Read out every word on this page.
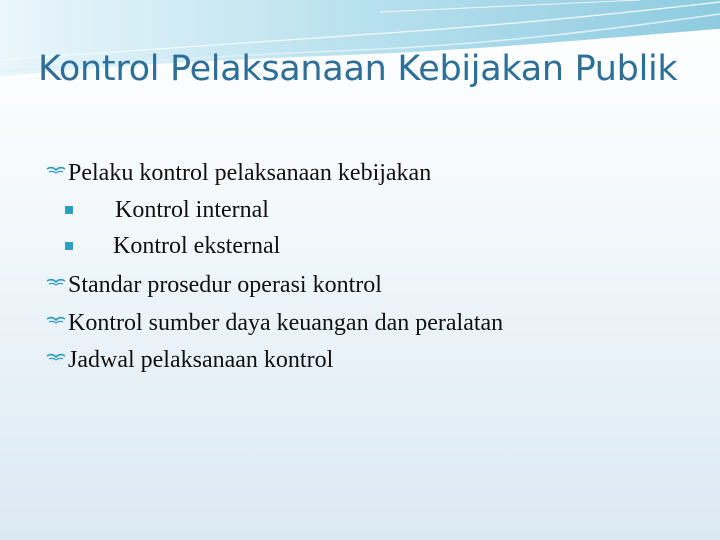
Kontrol Pelaksanaan Kebijakan Publik
Pelaku kontrol pelaksanaan kebijakan
Kontrol internal
Kontrol eksternal
Standar prosedur operasi kontrol
Kontrol sumber daya keuangan dan peralatan
Jadwal pelaksanaan kontrol
